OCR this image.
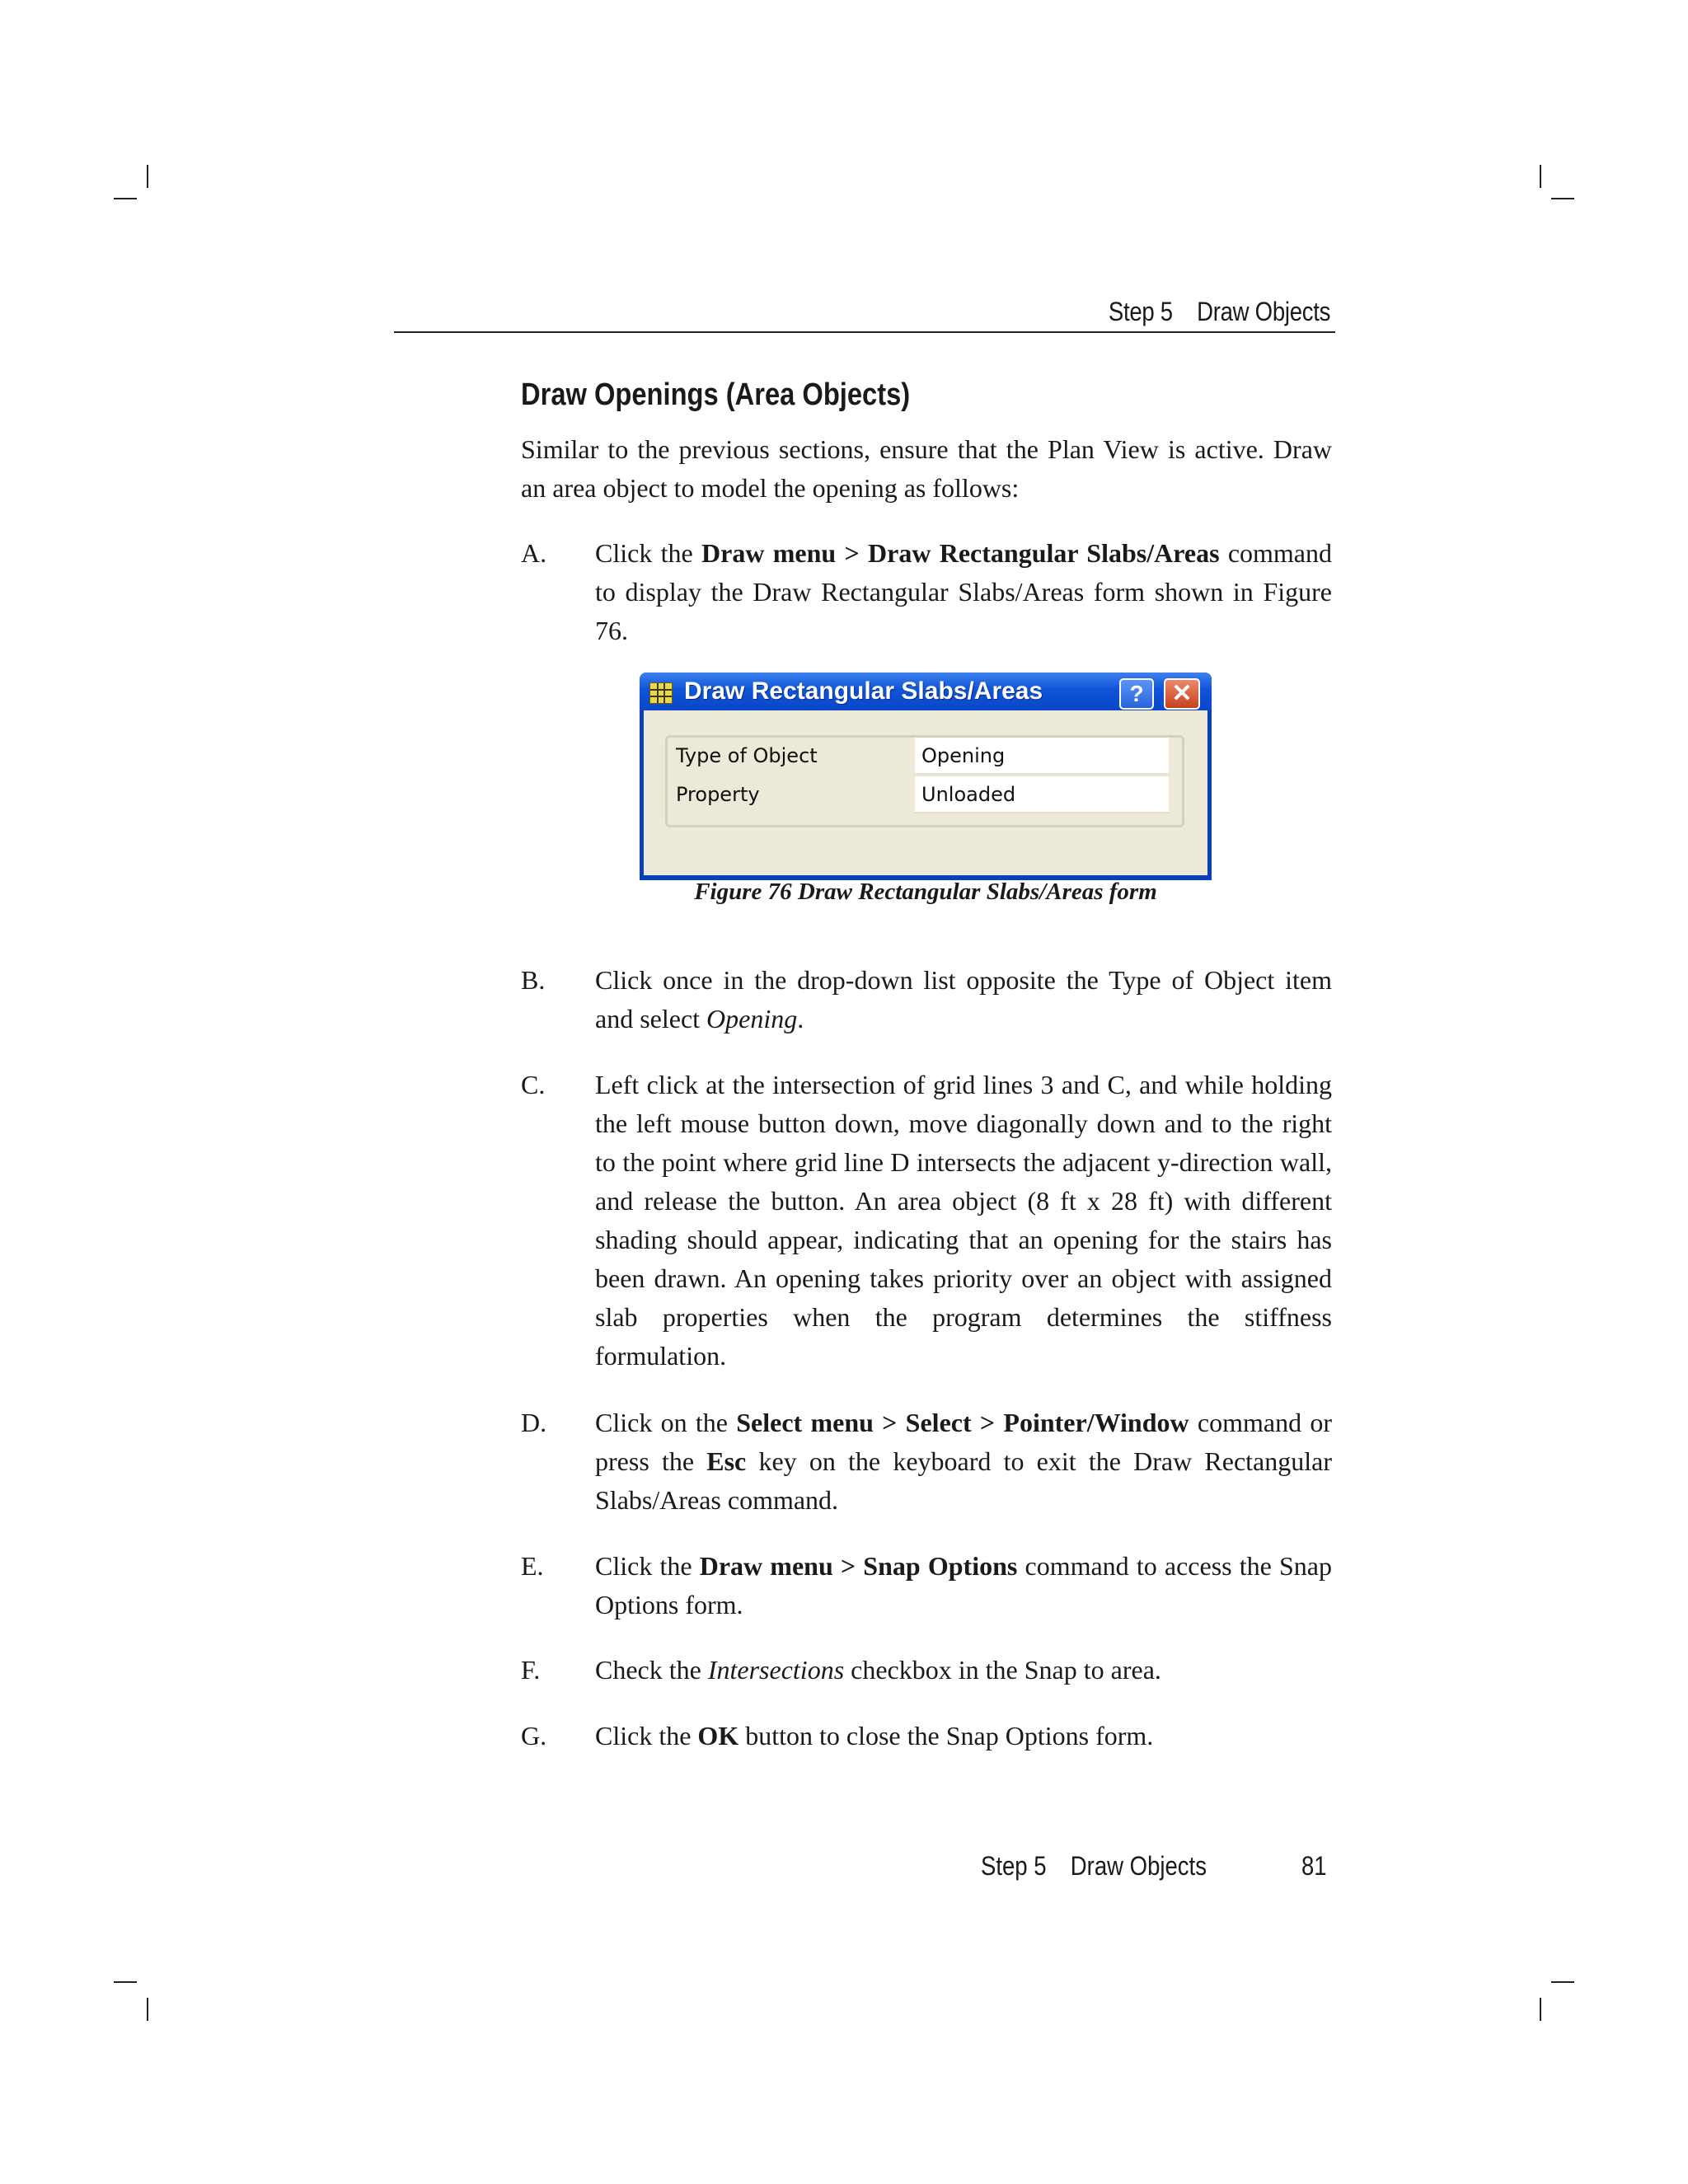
Step 5 Draw Objects
Draw Openings (Area Objects)

Similar to the previous sections, ensure that the Plan View is active. Draw an area object to model the opening as follows:

A. Click the Draw menu > Draw Rectangular Slabs/Areas command to display the Draw Rectangular Slabs/Areas form shown in Figure 76.
Draw Rectangular Slabs/Areas	?	✕
Type of Object	Opening
Property	Unloaded
Figure 76 Draw Rectangular Slabs/Areas form
B. Click once in the drop-down list opposite the Type of Object item and select Opening.
C. Left click at the intersection of grid lines 3 and C, and while holding the left mouse button down, move diagonally down and to the right to the point where grid line D intersects the adjacent y-direction wall, and release the button. An area object (8 ft x 28 ft) with different shading should appear, indicating that an opening for the stairs has been drawn. An opening takes priority over an object with assigned slab properties when the program determines the stiffness formulation.
D. Click on the Select menu > Select > Pointer/Window command or press the Esc key on the keyboard to exit the Draw Rectangular Slabs/Areas command.
E. Click the Draw menu > Snap Options command to access the Snap Options form.
F. Check the Intersections checkbox in the Snap to area.
G. Click the OK button to close the Snap Options form.
Step 5 Draw Objects	81
